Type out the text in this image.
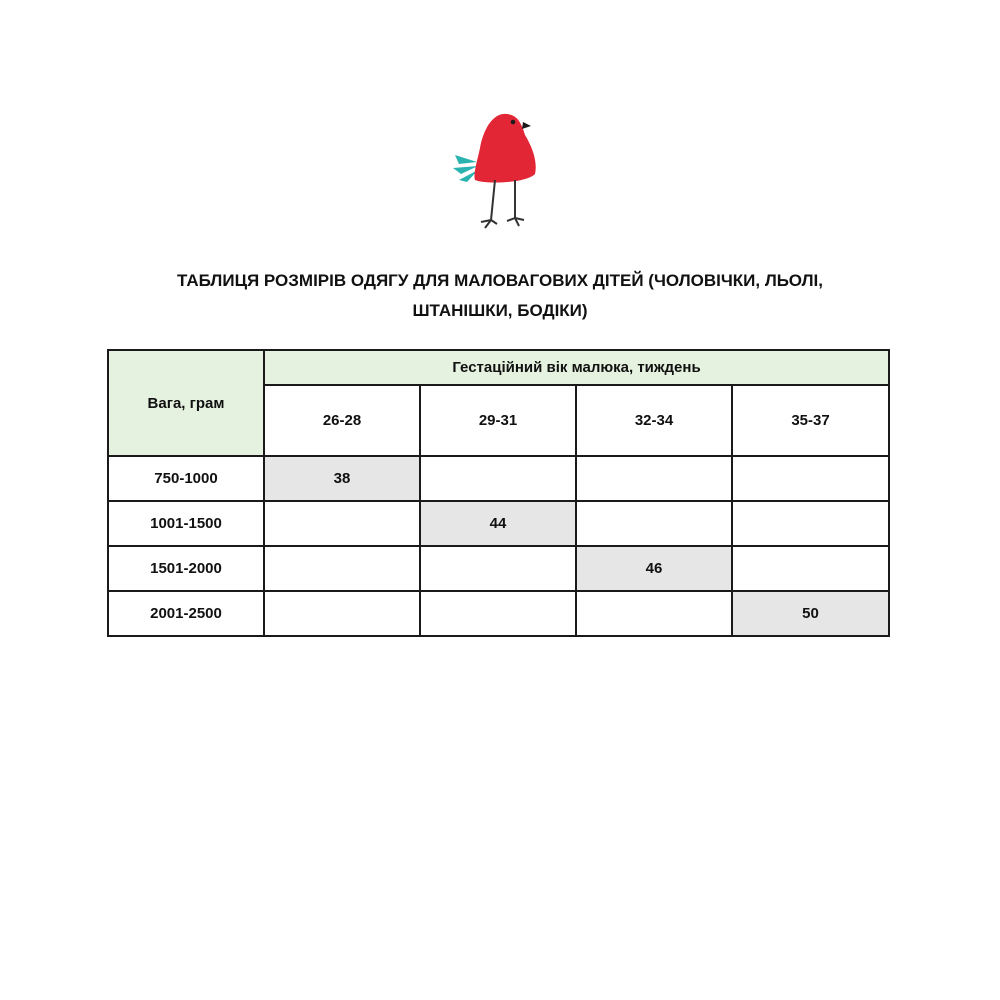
ТАБЛИЦЯ РОЗМІРІВ ОДЯГУ ДЛЯ МАЛОВАГОВИХ ДІТЕЙ (ЧОЛОВІЧКИ, ЛЬОЛІ,
ШТАНІШКИ, БОДІКИ)
Вага, грам	Гестаційний вік малюка, тиждень			
	26-28	29-31	32-34	35-37
750-1000	38			
1001-1500		44		
1501-2000			46	
2001-2500				50
